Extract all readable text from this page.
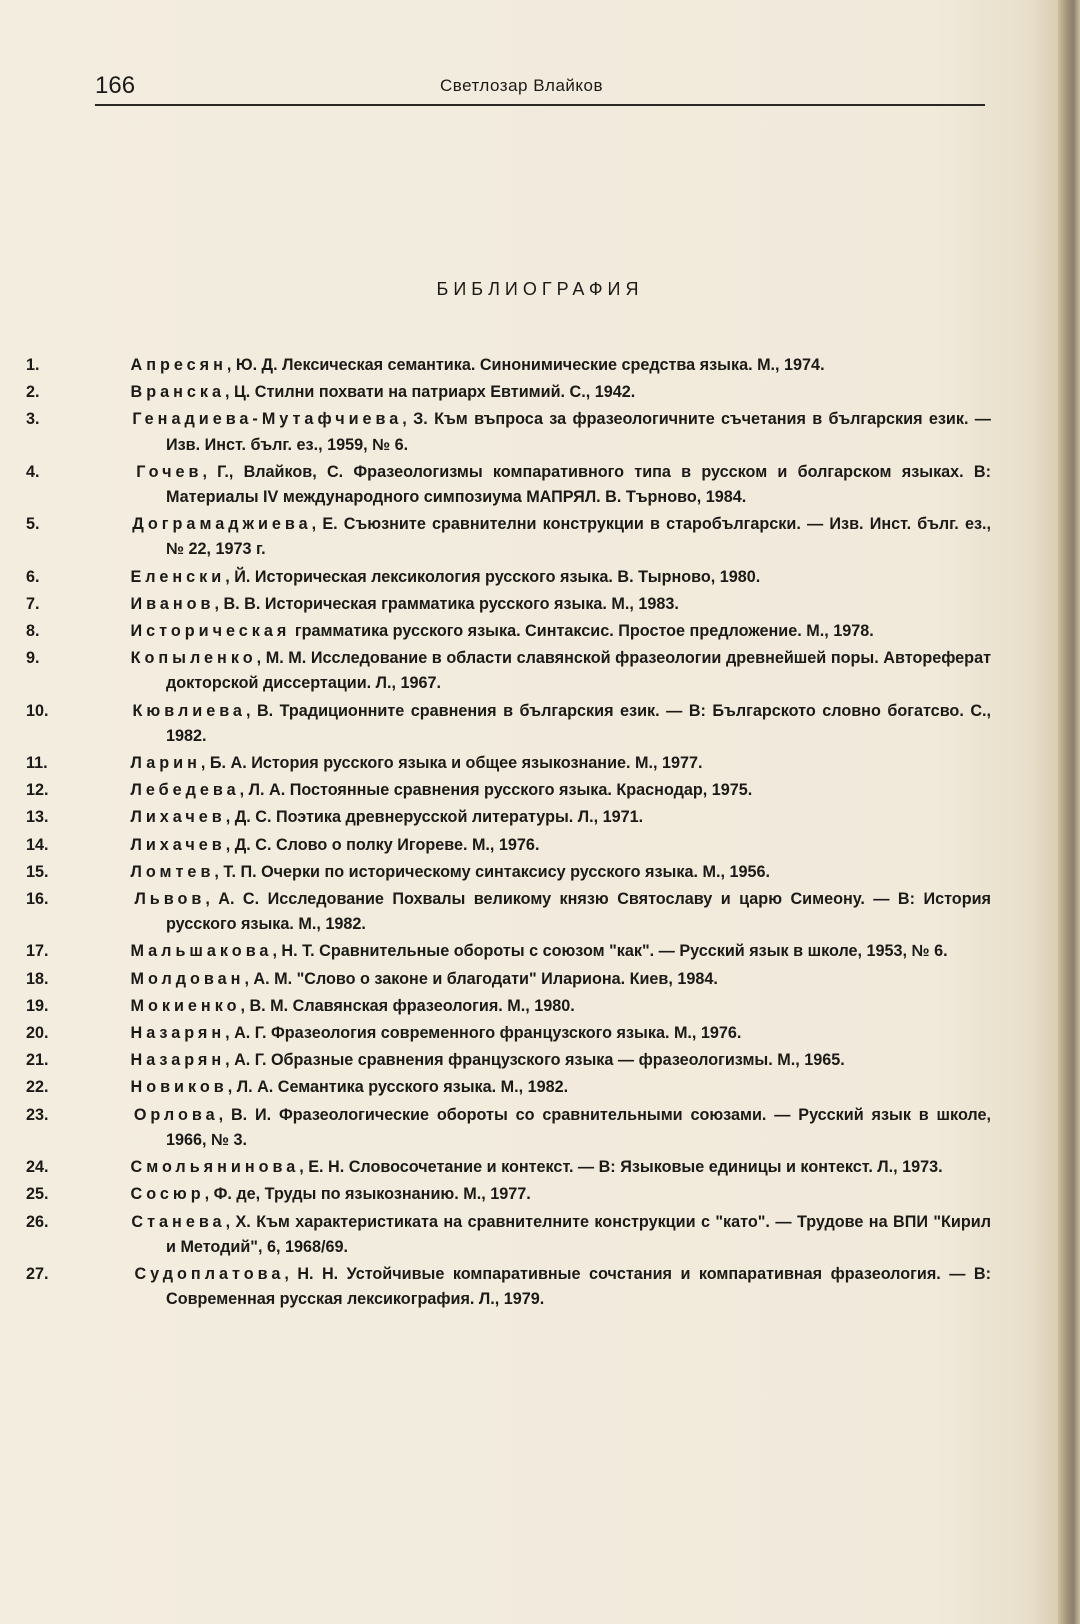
166	Светлозар Влайков
БИБЛИОГРАФИЯ
1.	Апресян, Ю. Д. Лексическая семантика. Синонимические средства языка. М., 1974.
2.	Вранска, Ц. Стилни похвати на патриарх Евтимий. С., 1942.
3.	Генадиева-Мутафчиева, З. Към въпроса за фразеологичните съчетания в българския език. — Изв. Инст. бълг. ез., 1959, № 6.
4.	Гочев, Г., Влайков, С. Фразеологизмы компаративного типа в русском и болгарском языках. В: Материалы IV международного симпозиума МАПРЯЛ. В. Търново, 1984.
5.	Дограмаджиева, Е. Съюзните сравнителни конструкции в старобългарски. — Изв. Инст. бълг. ез., № 22, 1973 г.
6.	Еленски, Й. Историческая лексикология русского языка. В. Тырново, 1980.
7.	Иванов, В. В. Историческая грамматика русского языка. М., 1983.
8.	Историческая грамматика русского языка. Синтаксис. Простое предложение. М., 1978.
9.	Копыленко, М. М. Исследование в области славянской фразеологии древнейшей поры. Автореферат докторской диссертации. Л., 1967.
10.	Кювлиева, В. Традиционните сравнения в българския език. — В: Българското словно богатсво. С., 1982.
11.	Ларин, Б. А. История русского языка и общее языкознание. М., 1977.
12.	Лебедева, Л. А. Постоянные сравнения русского языка. Краснодар, 1975.
13.	Лихачев, Д. С. Поэтика древнерусской литературы. Л., 1971.
14.	Лихачев, Д. С. Слово о полку Игореве. М., 1976.
15.	Ломтев, Т. П. Очерки по историческому синтаксису русского языка. М., 1956.
16.	Львов, А. С. Исследование Похвалы великому князю Святославу и царю Симеону. — В: История русского языка. М., 1982.
17.	Мальшакова, Н. Т. Сравнительные обороты с союзом "как". — Русский язык в школе, 1953, № 6.
18.	Молдован, А. М. "Слово о законе и благодати" Илариона. Киев, 1984.
19.	Мокиенко, В. М. Славянская фразеология. М., 1980.
20.	Назарян, А. Г. Фразеология современного французского языка. М., 1976.
21.	Назарян, А. Г. Образные сравнения французского языка — фразеологизмы. М., 1965.
22.	Новиков, Л. А. Семантика русского языка. М., 1982.
23.	Орлова, В. И. Фразеологические обороты со сравнительными союзами. — Русский язык в школе, 1966, № 3.
24.	Смольянинова, Е. Н. Словосочетание и контекст. — В: Языковые единицы и контекст. Л., 1973.
25.	Сосюр, Ф. де, Труды по языкознанию. М., 1977.
26.	Станева, Х. Към характеристиката на сравнителните конструкции с "като". — Трудове на ВПИ "Кирил и Методий", 6, 1968/69.
27.	Судоплатова, Н. Н. Устойчивые компаративные сочстания и компаративная фразеология. — В: Современная русская лексикография. Л., 1979.
